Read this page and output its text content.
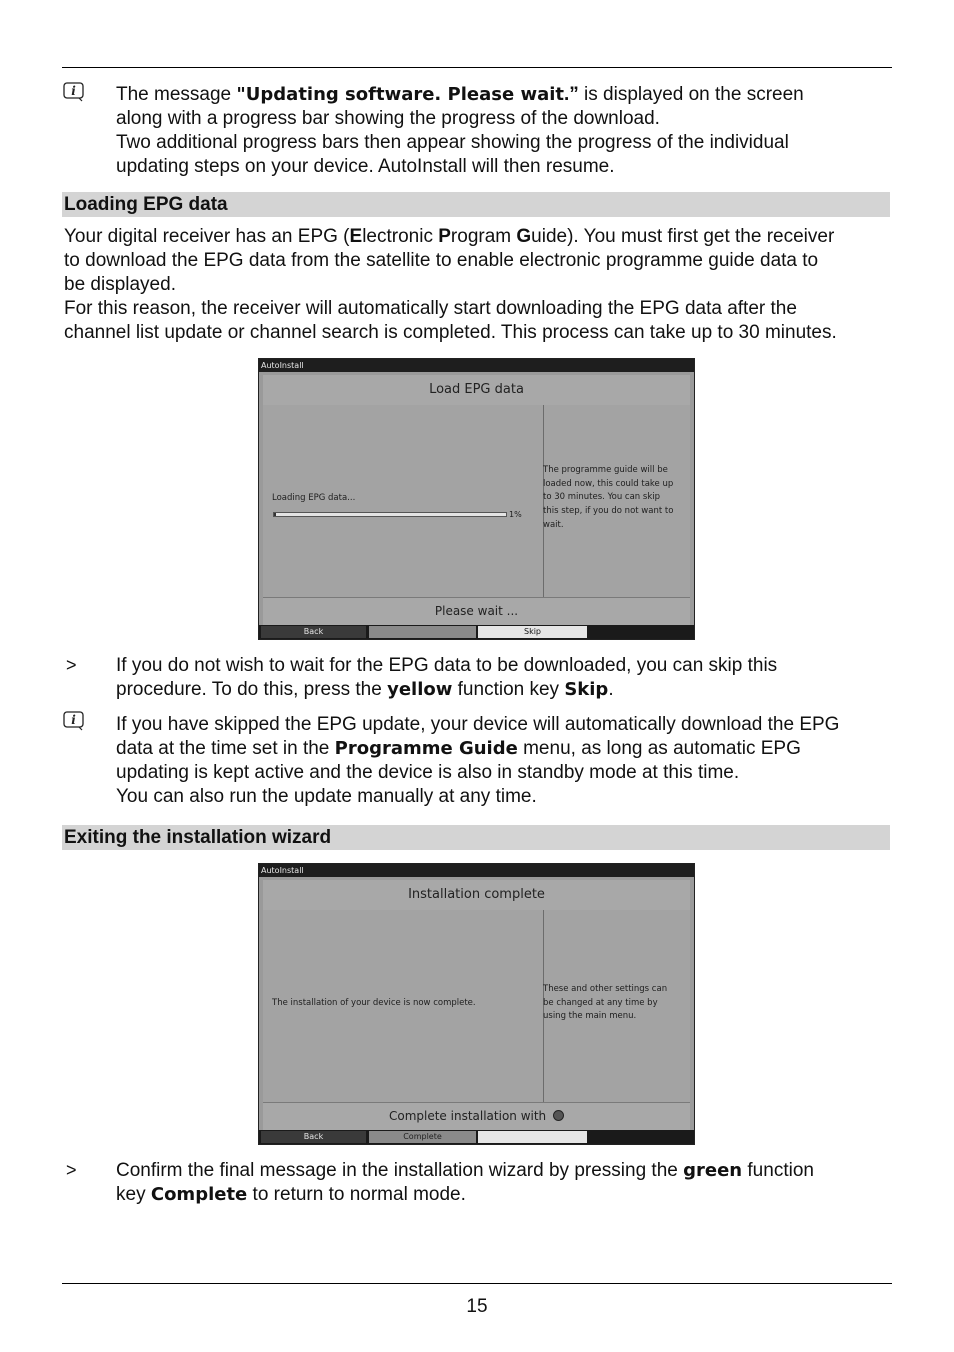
i The message "Updating software. Please wait.” is displayed on the screen
along with a progress bar showing the progress of the download.
Two additional progress bars then appear showing the progress of the individual
updating steps on your device. AutoInstall will then resume.
Loading EPG data
Your digital receiver has an EPG (Electronic Program Guide). You must first get the receiver
to download the EPG data from the satellite to enable electronic programme guide data to
be displayed.
For this reason, the receiver will automatically start downloading the EPG data after the
channel list update or channel search is completed. This process can take up to 30 minutes.
AutoInstall
Load EPG data
Loading EPG data...
1%
The programme guide will be
loaded now, this could take up
to 30 minutes. You can skip
this step, if you do not want to
wait.
Please wait ...
Back	Skip
> If you do not wish to wait for the EPG data to be downloaded, you can skip this
procedure. To do this, press the yellow function key Skip.
i If you have skipped the EPG update, your device will automatically download the EPG
data at the time set in the Programme Guide menu, as long as automatic EPG
updating is kept active and the device is also in standby mode at this time.
You can also run the update manually at any time.
Exiting the installation wizard
AutoInstall
Installation complete
The installation of your device is now complete.
These and other settings can
be changed at any time by
using the main menu.
Complete installation with
Back	Complete
> Confirm the final message in the installation wizard by pressing the green function
key Complete to return to normal mode.
15
